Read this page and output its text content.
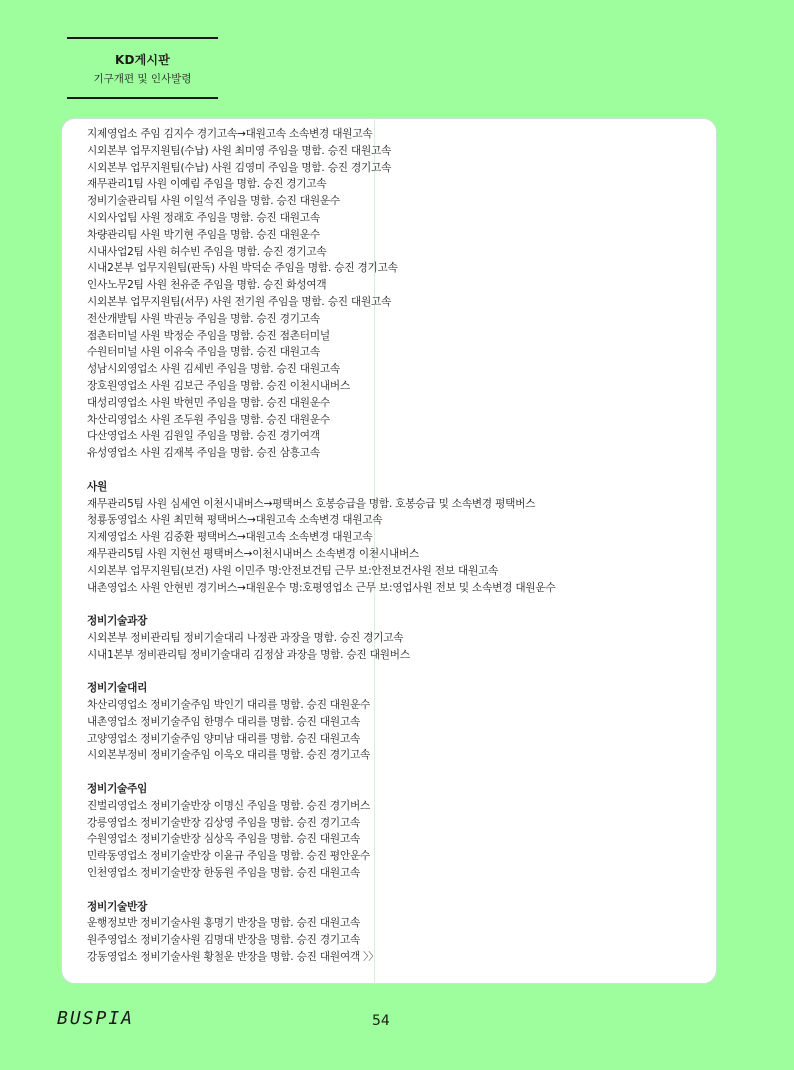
KD게시판
기구개편 및 인사발령
지제영업소 주임 김지수 경기고속→대원고속 소속변경 대원고속
시외본부 업무지원팀(수납) 사원 최미영 주임을 명함. 승진 대원고속
시외본부 업무지원팀(수납) 사원 김영미 주임을 명함. 승진 경기고속
재무관리1팀 사원 이예림 주임을 명함. 승진 경기고속
정비기술관리팀 사원 이일석 주임을 명함. 승진 대원운수
시외사업팀 사원 정래호 주임을 명함. 승진 대원고속
차량관리팀 사원 박기현 주임을 명함. 승진 대원운수
시내사업2팀 사원 허수빈 주임을 명함. 승진 경기고속
시내2본부 업무지원팀(판독) 사원 박덕순 주임을 명함. 승진 경기고속
인사노무2팀 사원 천유준 주임을 명함. 승진 화성여객
시외본부 업무지원팀(서무) 사원 전기원 주임을 명함. 승진 대원고속
전산개발팀 사원 박권능 주임을 명함. 승진 경기고속
점촌터미널 사원 박정순 주임을 명함. 승진 점촌터미널
수원터미널 사원 이유숙 주임을 명함. 승진 대원고속
성남시외영업소 사원 김세빈 주임을 명함. 승진 대원고속
장호원영업소 사원 김보근 주임을 명함. 승진 이천시내버스
대성리영업소 사원 박현민 주임을 명함. 승진 대원운수
차산리영업소 사원 조두원 주임을 명함. 승진 대원운수
다산영업소 사원 김원일 주임을 명함. 승진 경기여객
유성영업소 사원 김재복 주임을 명함. 승진 삼흥고속
사원
재무관리5팀 사원 심세연 이천시내버스→평택버스 호봉승급을 명함. 호봉승급 및 소속변경 평택버스
청룡동영업소 사원 최민혁 평택버스→대원고속 소속변경 대원고속
지제영업소 사원 김중환 평택버스→대원고속 소속변경 대원고속
재무관리5팀 사원 지현선 평택버스→이천시내버스 소속변경 이천시내버스
시외본부 업무지원팀(보건) 사원 이민주 명:안전보건팀 근무 보:안전보건사원 전보 대원고속
내촌영업소 사원 안현빈 경기버스→대원운수 명:호평영업소 근무 보:영업사원 전보 및 소속변경 대원운수
정비기술과장
시외본부 정비관리팀 정비기술대리 나정관 과장을 명함. 승진 경기고속
시내1본부 정비관리팀 정비기술대리 김정삼 과장을 명함. 승진 대원버스
정비기술대리
차산리영업소 정비기술주임 박인기 대리를 명함. 승진 대원운수
내촌영업소 정비기술주임 한명수 대리를 명함. 승진 대원고속
고양영업소 정비기술주임 양미남 대리를 명함. 승진 대원고속
시외본부정비 정비기술주임 이욱오 대리를 명함. 승진 경기고속
정비기술주임
진벌리영업소 정비기술반장 이명신 주임을 명함. 승진 경기버스
강릉영업소 정비기술반장 김상영 주임을 명함. 승진 경기고속
수원영업소 정비기술반장 심상옥 주임을 명함. 승진 대원고속
민락동영업소 정비기술반장 이윤규 주임을 명함. 승진 평안운수
인천영업소 정비기술반장 한동원 주임을 명함. 승진 대원고속
정비기술반장
운행정보반 정비기술사원 홍명기 반장을 명함. 승진 대원고속
원주영업소 정비기술사원 김명대 반장을 명함. 승진 경기고속
강동영업소 정비기술사원 황철운 반장을 명함. 승진 대원여객 〉〉
BUSPIA	54
